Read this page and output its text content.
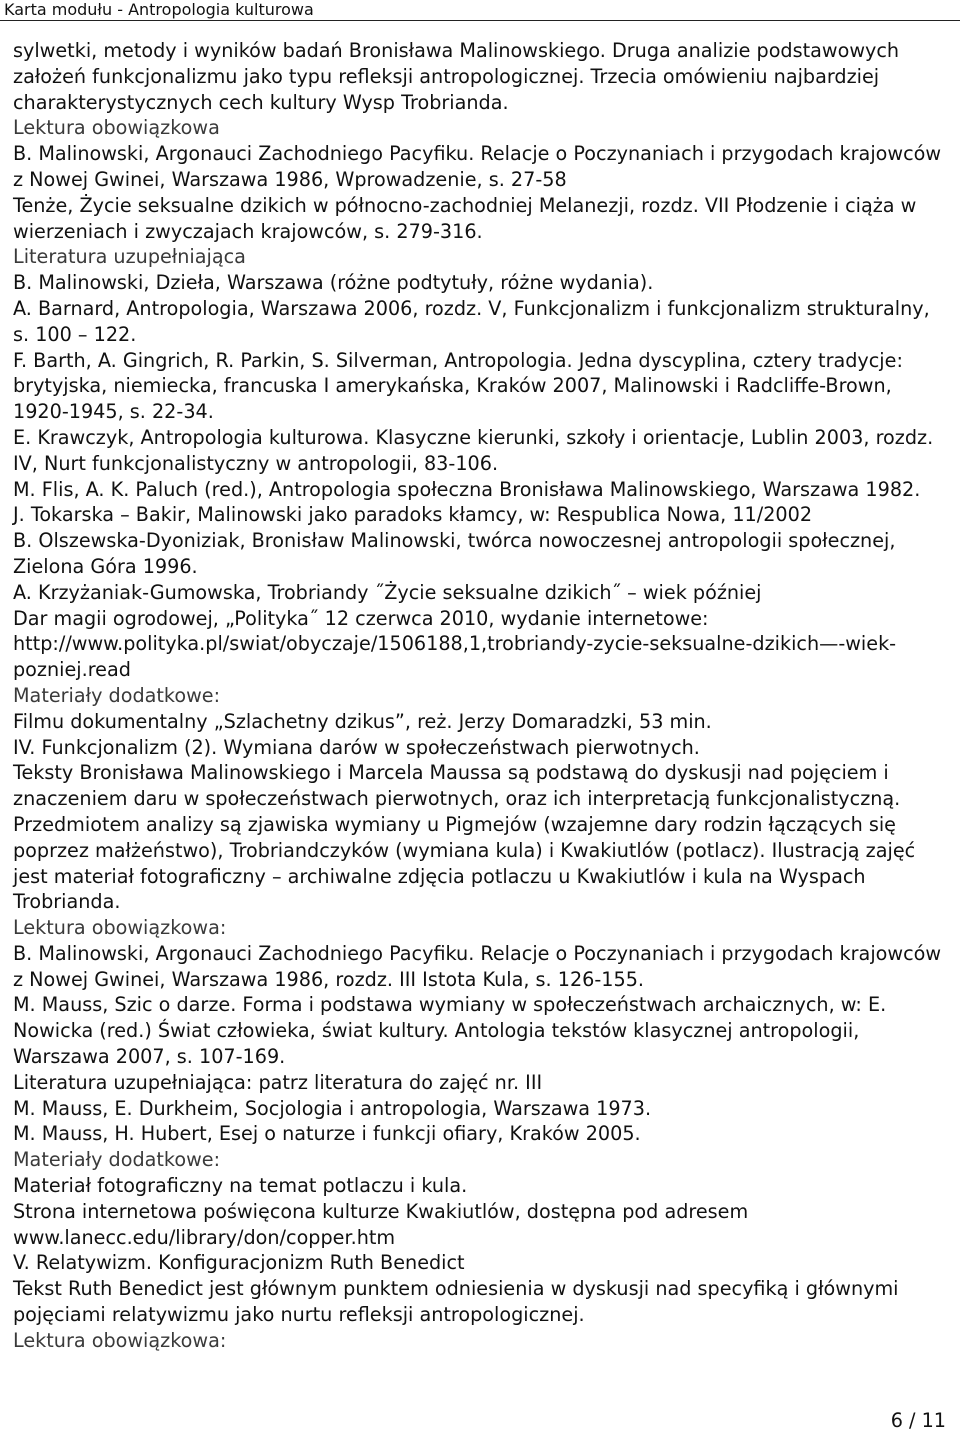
Karta modułu - Antropologia kulturowa

sylwetki, metody i wyników badań Bronisława Malinowskiego. Druga analizie podstawowych założeń funkcjonalizmu jako typu refleksji antropologicznej. Trzecia omówieniu najbardziej charakterystycznych cech kultury Wysp Trobrianda.

Lektura obowiązkowa

B. Malinowski, Argonauci Zachodniego Pacyfiku. Relacje o Poczynaniach i przygodach krajowców z Nowej Gwinei, Warszawa 1986, Wprowadzenie, s. 27-58

Tenże, Życie seksualne dzikich w północno-zachodniej Melanezji, rozdz. VII Płodzenie i ciąża w wierzeniach i zwyczajach krajowców, s. 279-316.

Literatura uzupełniająca

B. Malinowski, Dzieła, Warszawa (różne podtytuły, różne wydania).

A. Barnard, Antropologia, Warszawa 2006, rozdz. V, Funkcjonalizm i funkcjonalizm strukturalny, s. 100 – 122.

F. Barth, A. Gingrich, R. Parkin, S. Silverman, Antropologia. Jedna dyscyplina, cztery tradycje: brytyjska, niemiecka, francuska I amerykańska, Kraków 2007, Malinowski i Radcliffe-Brown, 1920-1945, s. 22-34.

E. Krawczyk, Antropologia kulturowa. Klasyczne kierunki, szkoły i orientacje, Lublin 2003, rozdz. IV, Nurt funkcjonalistyczny w antropologii, 83-106.

M. Flis, A. K. Paluch (red.), Antropologia społeczna Bronisława Malinowskiego, Warszawa 1982.

J. Tokarska – Bakir, Malinowski jako paradoks kłamcy, w: Respublica Nowa, 11/2002

B. Olszewska-Dyoniziak, Bronisław Malinowski, twórca nowoczesnej antropologii społecznej, Zielona Góra 1996.

A. Krzyżaniak-Gumowska, Trobriandy ˝Życie seksualne dzikich˝ – wiek później

Dar magii ogrodowej, „Polityka˝ 12 czerwca 2010, wydanie internetowe: http://www.polityka.pl/swiat/obyczaje/1506188,1,trobriandy-zycie-seksualne-dzikich—-wiek-pozniej.read

Materiały dodatkowe:

Filmu dokumentalny „Szlachetny dzikus”, reż. Jerzy Domaradzki, 53 min.

IV. Funkcjonalizm (2). Wymiana darów w społeczeństwach pierwotnych.

Teksty Bronisława Malinowskiego i Marcela Maussa są podstawą do dyskusji nad pojęciem i znaczeniem daru w społeczeństwach pierwotnych, oraz ich interpretacją funkcjonalistyczną. Przedmiotem analizy są zjawiska wymiany u Pigmejów (wzajemne dary rodzin łączących się poprzez małżeństwo), Trobriandczyków (wymiana kula) i Kwakiutlów (potlacz). Ilustracją zajęć jest materiał fotograficzny – archiwalne zdjęcia potlaczu u Kwakiutlów i kula na Wyspach Trobrianda.

Lektura obowiązkowa:

B. Malinowski, Argonauci Zachodniego Pacyfiku. Relacje o Poczynaniach i przygodach krajowców z Nowej Gwinei, Warszawa 1986, rozdz. III Istota Kula, s. 126-155.

M. Mauss, Szic o darze. Forma i podstawa wymiany w społeczeństwach archaicznych, w: E. Nowicka (red.) Świat człowieka, świat kultury. Antologia tekstów klasycznej antropologii, Warszawa 2007, s. 107-169.

Literatura uzupełniająca: patrz literatura do zajęć nr. III

M. Mauss, E. Durkheim, Socjologia i antropologia, Warszawa 1973.

M. Mauss, H. Hubert, Esej o naturze i funkcji ofiary, Kraków 2005.

Materiały dodatkowe:

Materiał fotograficzny na temat potlaczu i kula.

Strona internetowa poświęcona kulturze Kwakiutlów, dostępna pod adresem www.lanecc.edu/library/don/copper.htm

V. Relatywizm. Konfiguracjonizm Ruth Benedict

Tekst Ruth Benedict jest głównym punktem odniesienia w dyskusji nad specyfiką i głównymi pojęciami relatywizmu jako nurtu refleksji antropologicznej.

Lektura obowiązkowa:

6 / 11
